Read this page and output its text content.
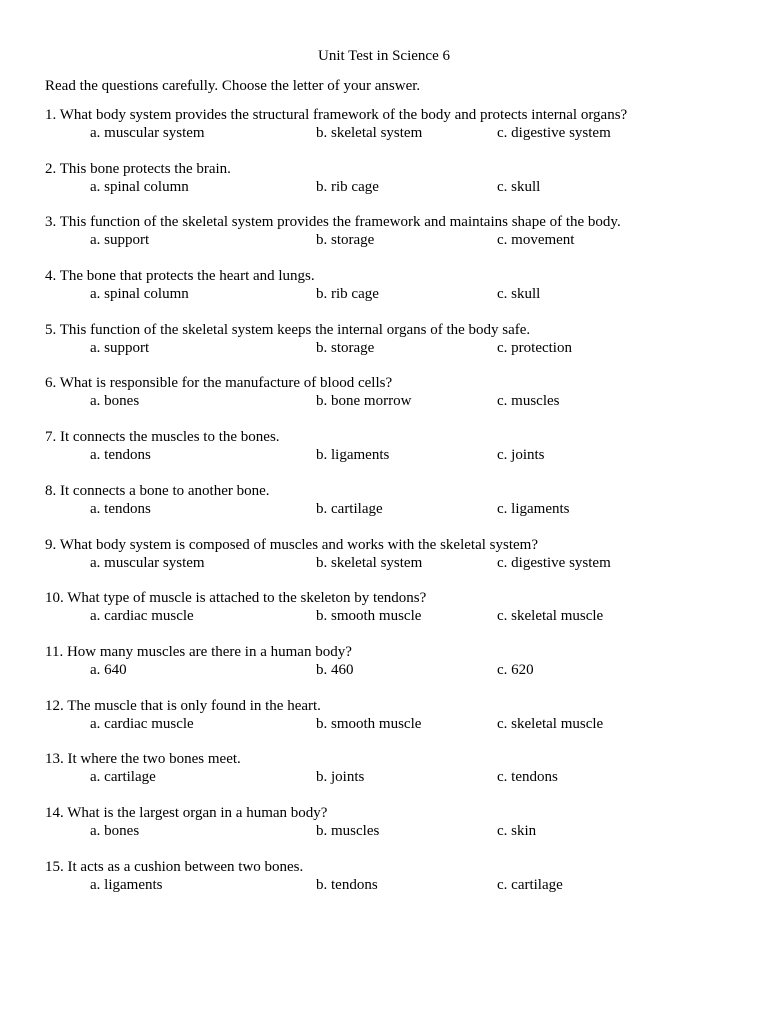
Unit Test in Science 6
Read the questions carefully. Choose the letter of your answer.
1. What body system provides the structural framework of the body and protects internal organs?
a. muscular system	b. skeletal system	c. digestive system
2. This bone protects the brain.
a. spinal column	b. rib cage	c. skull
3. This function of the skeletal system provides the framework and maintains shape of the body.
a. support	b. storage	c. movement
4. The bone that protects the heart and lungs.
a. spinal column	b. rib cage	c. skull
5. This function of the skeletal system keeps the internal organs of the body safe.
a. support	b. storage	c. protection
6. What is responsible for the manufacture of blood cells?
a. bones	b. bone morrow	c. muscles
7. It connects the muscles to the bones.
a. tendons	b. ligaments	c. joints
8. It connects a bone to another bone.
a. tendons	b. cartilage	c. ligaments
9. What body system is composed of muscles and works with the skeletal system?
a. muscular system	b. skeletal system	c. digestive system
10. What type of muscle is attached to the skeleton by tendons?
a. cardiac muscle	b. smooth muscle	c. skeletal muscle
11. How many muscles are there in a human body?
a. 640	b. 460	c. 620
12. The muscle that is only found in the heart.
a. cardiac muscle	b. smooth muscle	c. skeletal muscle
13. It where the two bones meet.
a. cartilage	b. joints	c. tendons
14. What is the largest organ in a human body?
a. bones	b. muscles	c. skin
15. It acts as a cushion between two bones.
a. ligaments	b. tendons	c. cartilage
